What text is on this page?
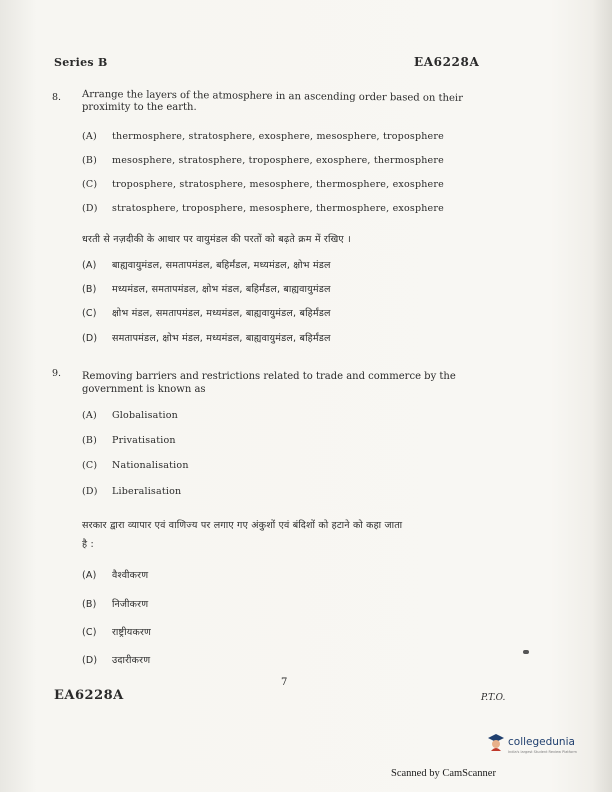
Series B	EA6228A
8. Arrange the layers of the atmosphere in an ascending order based on their
proximity to the earth.
(A) thermosphere, stratosphere, exosphere, mesosphere, troposphere
(B) mesosphere, stratosphere, troposphere, exosphere, thermosphere
(C) troposphere, stratosphere, mesosphere, thermosphere, exosphere
(D) stratosphere, troposphere, mesosphere, thermosphere, exosphere
धरती से नज़दीकी के आधार पर वायुमंडल की परतों को बढ़ते क्रम में रखिए ।
(A) बाह्यवायुमंडल, समतापमंडल, बहिर्मंडल, मध्यमंडल, क्षोभ मंडल
(B) मध्यमंडल, समतापमंडल, क्षोभ मंडल, बहिर्मंडल, बाह्यवायुमंडल
(C) क्षोभ मंडल, समतापमंडल, मध्यमंडल, बाह्यवायुमंडल, बहिर्मंडल
(D) समतापमंडल, क्षोभ मंडल, मध्यमंडल, बाह्यवायुमंडल, बहिर्मंडल
9. Removing barriers and restrictions related to trade and commerce by the
government is known as
(A) Globalisation
(B) Privatisation
(C) Nationalisation
(D) Liberalisation
सरकार द्वारा व्यापार एवं वाणिज्य पर लगाए गए अंकुशों एवं बंदिशों को हटाने को कहा जाता
है :
(A) वैश्वीकरण
(B) निजीकरण
(C) राष्ट्रीयकरण
(D) उदारीकरण
7
EA6228A	P.T.O.
collegedunia
India's largest Student Review Platform
Scanned by CamScanner
